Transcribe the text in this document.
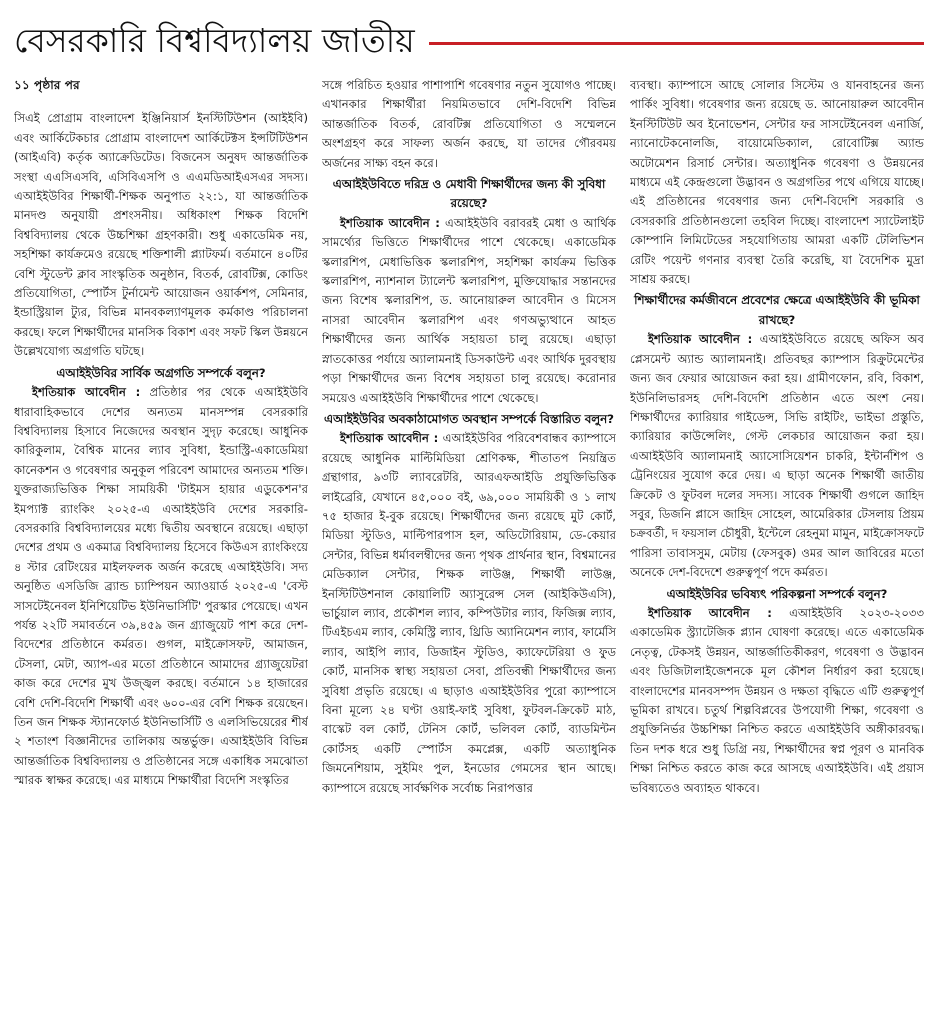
বেসরকারি বিশ্ববিদ্যালয় জাতীয়

১১ পৃষ্ঠার পর

সিএই প্রোগ্রাম বাংলাদেশ ইঞ্জিনিয়ার্স ইনস্টিটিউশন (আইইবি) এবং আর্কিটেকচার প্রোগ্রাম বাংলাদেশ আর্কিটেক্টস ইন্সটিটিউশন (আইএবি) কর্তৃক অ্যাক্রেডিটেড। বিজনেস অনুষদ আন্তর্জাতিক সংস্থা এএসিএসবি, এসিবিএসপি ও এএমডিআইএসএর সদস্য। এআইইউবির শিক্ষার্থী-শিক্ষক অনুপাত ২২:১, যা আন্তর্জাতিক মানদণ্ড অনুযায়ী প্রশংসনীয়। অধিকাংশ শিক্ষক বিদেশি বিশ্ববিদ্যালয় থেকে উচ্চশিক্ষা গ্রহণকারী। শুধু একাডেমিক নয়, সহশিক্ষা কার্যক্রমেও রয়েছে শক্তিশালী প্ল্যাটফর্ম। বর্তমানে ৪০টির বেশি স্টুডেন্ট ক্লাব সাংস্কৃতিক অনুষ্ঠান, বিতর্ক, রোবটিক্স, কোডিং প্রতিযোগিতা, স্পোর্টস টুর্নামেন্ট আয়োজন ওয়ার্কশপ, সেমিনার, ইন্ডাস্ট্রিয়াল ট্যুর, বিভিন্ন মানবকল্যাণমূলক কর্মকাণ্ড পরিচালনা করছে। ফলে শিক্ষার্থীদের মানসিক বিকাশ এবং সফট স্কিল উন্নয়নে উল্লেখযোগ্য অগ্রগতি ঘটছে।

এআইইউবির সার্বিক অগ্রগতি সম্পর্কে বলুন?

ইশতিয়াক আবেদীন : প্রতিষ্ঠার পর থেকে এআইইউবি ধারাবাহিকভাবে দেশের অন্যতম মানসম্পন্ন বেসরকারি বিশ্ববিদ্যালয় হিসাবে নিজেদের অবস্থান সুদৃঢ় করেছে। আধুনিক কারিকুলাম, বৈশ্বিক মানের ল্যাব সুবিধা, ইন্ডাস্ট্রি-একাডেমিয়া কানেকশন ও গবেষণার অনুকূল পরিবেশ আমাদের অন্যতম শক্তি। যুক্তরাজ্যভিত্তিক শিক্ষা সাময়িকী 'টাইমস হায়ার এডুকেশন'র ইমপ্যাক্ট র‍্যাংকিং ২০২৫-এ এআইইউবি দেশের সরকারি-বেসরকারি বিশ্ববিদ্যালয়ের মধ্যে দ্বিতীয় অবস্থানে রয়েছে। এছাড়া দেশের প্রথম ও একমাত্র বিশ্ববিদ্যালয় হিসেবে কিউএস র‍্যাংকিংয়ে ৪ স্টার রেটিংয়ের মাইলফলক অর্জন করেছে এআইইউবি। সদ্য অনুষ্ঠিত এসডিজি ব্র্যান্ড চ্যাম্পিয়ন অ্যাওয়ার্ড ২০২৫-এ 'বেস্ট সাসটেইনেবল ইনিশিয়েটিভ ইউনিভার্সিটি' পুরস্কার পেয়েছে। এখন পর্যন্ত ২২টি সমাবর্তনে ৩৯,৪৫৯ জন গ্র্যাজুয়েট পাশ করে দেশ-বিদেশের প্রতিষ্ঠানে কর্মরত। গুগল, মাইক্রোসফট, আমাজন, টেসলা, মেটা, অ্যাপ-এর মতো প্রতিষ্ঠানে আমাদের গ্র্যাজুয়েটরা কাজ করে দেশের মুখ উজ্জ্বল করছে। বর্তমানে ১৪ হাজারের বেশি দেশি-বিদেশি শিক্ষার্থী এবং ৬০০-এর বেশি শিক্ষক রয়েছেন। তিন জন শিক্ষক স্ট্যানফোর্ড ইউনিভার্সিটি ও এলসিভিয়েরের শীর্ষ ২ শতাংশ বিজ্ঞানীদের তালিকায় অন্তর্ভুক্ত। এআইইউবি বিভিন্ন আন্তর্জাতিক বিশ্ববিদ্যালয় ও প্রতিষ্ঠানের সঙ্গে একাধিক সমঝোতা স্মারক স্বাক্ষর করেছে। এর মাধ্যমে শিক্ষার্থীরা বিদেশি সংস্কৃতির

সঙ্গে পরিচিত হওয়ার পাশাপাশি গবেষণার নতুন সুযোগও পাচ্ছে। এখানকার শিক্ষার্থীরা নিয়মিতভাবে দেশি-বিদেশি বিভিন্ন আন্তর্জাতিক বিতর্ক, রোবটিক্স প্রতিযোগিতা ও সম্মেলনে অংশগ্রহণ করে সাফল্য অর্জন করছে, যা তাদের গৌরবময় অর্জনের সাক্ষ্য বহন করে।

এআইইউবিতে দরিদ্র ও মেধাবী শিক্ষার্থীদের জন্য কী সুবিধা রয়েছে?

ইশতিয়াক আবেদীন : এআইইউবি বরাবরই মেধা ও আর্থিক সামর্থ্যের ভিত্তিতে শিক্ষার্থীদের পাশে থেকেছে। একাডেমিক স্কলারশিপ, মেধাভিত্তিক স্কলারশিপ, সহশিক্ষা কার্যক্রম ভিত্তিক স্কলারশিপ, ন্যাশনাল ট্যালেন্ট স্কলারশিপ, মুক্তিযোদ্ধার সন্তানদের জন্য বিশেষ স্কলারশিপ, ড. আনোয়ারুল আবেদীন ও মিসেস নাসরা আবেদীন স্কলারশিপ এবং গণঅভ্যুত্থানে আহত শিক্ষার্থীদের জন্য আর্থিক সহায়তা চালু রয়েছে। এছাড়া স্নাতকোত্তর পর্যায়ে অ্যালামনাই ডিসকাউন্ট এবং আর্থিক দুরবস্থায় পড়া শিক্ষার্থীদের জন্য বিশেষ সহায়তা চালু রয়েছে। করোনার সময়েও এআইইউবি শিক্ষার্থীদের পাশে থেকেছে।

এআইইউবির অবকাঠামোগত অবস্থান সম্পর্কে বিস্তারিত বলুন?

ইশতিয়াক আবেদীন : এআইইউবির পরিবেশবান্ধব ক্যাম্পাসে রয়েছে আধুনিক মাল্টিমিডিয়া শ্রেণিকক্ষ, শীতাতপ নিয়ন্ত্রিত গ্রন্থাগার, ৯৩টি ল্যাবরেটরি, আরএফআইডি প্রযুক্তিভিত্তিক লাইব্রেরি, যেখানে ৪৫,০০০ বই, ৬৯,০০০ সাময়িকী ও ১ লাখ ৭৫ হাজার ই-বুক রয়েছে। শিক্ষার্থীদের জন্য রয়েছে মুট কোর্ট, মিডিয়া স্টুডিও, মাল্টিপারপাস হল, অডিটোরিয়াম, ডে-কেয়ার সেন্টার, বিভিন্ন ধর্মাবলম্বীদের জন্য পৃথক প্রার্থনার স্থান, বিশ্বমানের মেডিক্যাল সেন্টার, শিক্ষক লাউঞ্জ, শিক্ষার্থী লাউঞ্জ, ইনস্টিটিউশনাল কোয়ালিটি অ্যাসুরেন্স সেল (আইকিউএসি), ভার্চুয়াল ল্যাব, প্রকৌশল ল্যাব, কম্পিউটার ল্যাব, ফিজিক্স ল্যাব, টিএইচএম ল্যাব, কেমিস্ট্রি ল্যাব, থ্রিডি অ্যানিমেশন ল্যাব, ফার্মেসি ল্যাব, আইপি ল্যাব, ডিজাইন স্টুডিও, ক্যাফেটেরিয়া ও ফুড কোর্ট, মানসিক স্বাস্থ্য সহায়তা সেবা, প্রতিবন্ধী শিক্ষার্থীদের জন্য সুবিধা প্রভৃতি রয়েছে। এ ছাড়াও এআইইউবির পুরো ক্যাম্পাসে বিনা মূল্যে ২৪ ঘণ্টা ওয়াই-ফাই সুবিধা, ফুটবল-ক্রিকেট মাঠ, বাস্কেট বল কোর্ট, টেনিস কোর্ট, ভলিবল কোর্ট, ব্যাডমিন্টন কোর্টসহ একটি স্পোর্টস কমপ্লেক্স, একটি অত্যাধুনিক জিমনেশিয়াম, সুইমিং পুল, ইনডোর গেমসের স্থান আছে। ক্যাম্পাসে রয়েছে সার্বক্ষণিক সর্বোচ্চ নিরাপত্তার

ব্যবস্থা। ক্যাম্পাসে আছে সোলার সিস্টেম ও যানবাহনের জন্য পার্কিং সুবিধা। গবেষণার জন্য রয়েছে ড. আনোয়ারুল আবেদীন ইনস্টিটিউট অব ইনোভেশন, সেন্টার ফর সাসটেইনেবল এনার্জি, ন্যানোটেকনোলজি, বায়োমেডিক্যাল, রোবোটিক্স অ্যান্ড অটোমেশন রিসার্চ সেন্টার। অত্যাধুনিক গবেষণা ও উন্নয়নের মাধ্যমে এই কেন্দ্রগুলো উদ্ভাবন ও অগ্রগতির পথে এগিয়ে যাচ্ছে। এই প্রতিষ্ঠানের গবেষণার জন্য দেশি-বিদেশি সরকারি ও বেসরকারি প্রতিষ্ঠানগুলো তহবিল দিচ্ছে। বাংলাদেশ স্যাটেলাইট কোম্পানি লিমিটেডের সহযোগিতায় আমরা একটি টেলিভিশন রেটিং পয়েন্ট গণনার ব্যবস্থা তৈরি করেছি, যা বৈদেশিক মুদ্রা সাশ্রয় করছে।

শিক্ষার্থীদের কর্মজীবনে প্রবেশের ক্ষেত্রে এআইইউবি কী ভূমিকা রাখছে?

ইশতিয়াক আবেদীন : এআইইউবিতে রয়েছে অফিস অব প্লেসমেন্ট অ্যান্ড অ্যালামনাই। প্রতিবছর ক্যাম্পাস রিক্রুটমেন্টের জন্য জব ফেয়ার আয়োজন করা হয়। গ্রামীণফোন, রবি, বিকাশ, ইউনিলিভারসহ দেশি-বিদেশি প্রতিষ্ঠান এতে অংশ নেয়। শিক্ষার্থীদের ক্যারিয়ার গাইডেন্স, সিভি রাইটিং, ভাইভা প্রস্তুতি, ক্যারিয়ার কাউন্সেলিং, গেস্ট লেকচার আয়োজন করা হয়। এআইইউবি অ্যালামনাই অ্যাসোসিয়েশন চাকরি, ইন্টার্নশিপ ও ট্রেনিংয়ের সুযোগ করে দেয়। এ ছাড়া অনেক শিক্ষার্থী জাতীয় ক্রিকেট ও ফুটবল দলের সদস্য। সাবেক শিক্ষার্থী গুগলে জাহিদ সবুর, ডিজনি প্লাসে জাহিদ সোহেল, আমেরিকার টেসলায় প্রিয়ম চক্রবর্তী, দ ফয়সাল চৌধুরী, ইন্টেলে রেহনুমা মামুন, মাইক্রোসফটে পারিসা তাবাসসুম, মেটায় (ফেসবুক) ওমর আল জাবিরের মতো অনেকে দেশ-বিদেশে গুরুত্বপূর্ণ পদে কর্মরত।

এআইইউবির ভবিষ্যৎ পরিকল্পনা সম্পর্কে বলুন?

ইশতিয়াক আবেদীন : এআইইউবি ২০২৩-২০৩৩ একাডেমিক স্ট্র্যাটেজিক প্ল্যান ঘোষণা করেছে। এতে একাডেমিক নেতৃত্ব, টেকসই উন্নয়ন, আন্তর্জাতিকীকরণ, গবেষণা ও উদ্ভাবন এবং ডিজিটালাইজেশনকে মূল কৌশল নির্ধারণ করা হয়েছে। বাংলাদেশের মানবসম্পদ উন্নয়ন ও দক্ষতা বৃদ্ধিতে এটি গুরুত্বপূর্ণ ভূমিকা রাখবে। চতুর্থ শিল্পবিপ্লবের উপযোগী শিক্ষা, গবেষণা ও প্রযুক্তিনির্ভর উচ্চশিক্ষা নিশ্চিত করতে এআইইউবি অঙ্গীকারবদ্ধ। তিন দশক ধরে শুধু ডিগ্রি নয়, শিক্ষার্থীদের স্বপ্ন পূরণ ও মানবিক শিক্ষা নিশ্চিত করতে কাজ করে আসছে এআইইউবি। এই প্রয়াস ভবিষ্যতেও অব্যাহত থাকবে।
